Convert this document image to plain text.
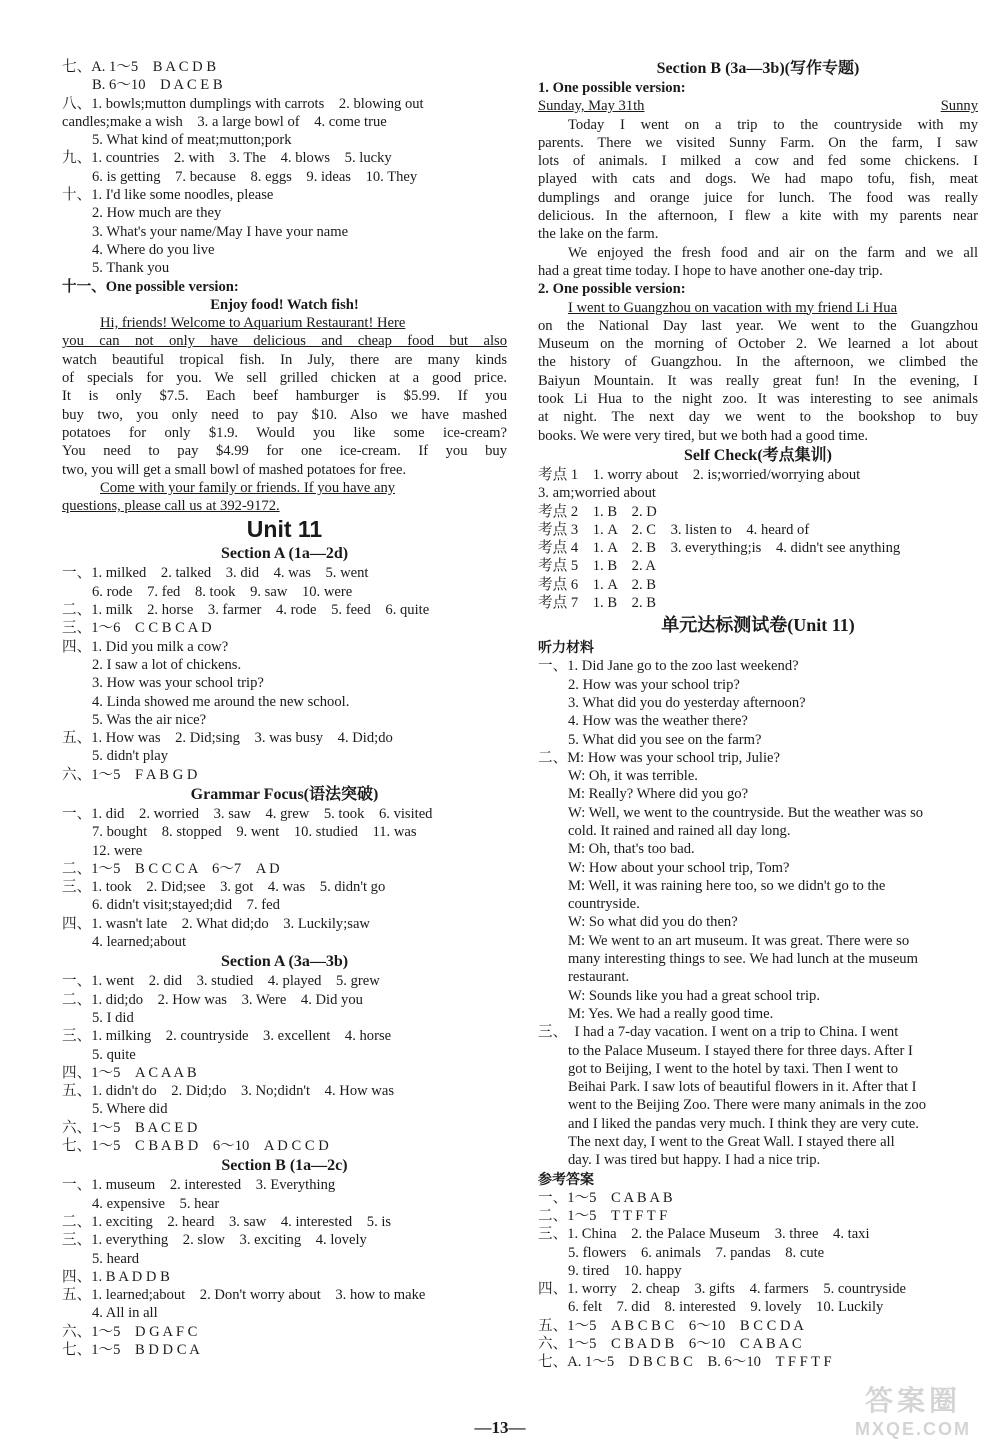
七、A. 1～5　B A C D B
B. 6～10　D A C E B
八、1. bowls;mutton dumplings with carrots　2. blowing out
candles;make a wish　3. a large bowl of　4. come true
5. What kind of meat;mutton;pork
九、1. countries　2. with　3. The　4. blows　5. lucky
6. is getting　7. because　8. eggs　9. ideas　10. They
十、1. I'd like some noodles, please
2. How much are they
3. What's your name/May I have your name
4. Where do you live
5. Thank you
十一、One possible version:
Enjoy food! Watch fish!
Hi, friends! Welcome to Aquarium Restaurant! Here
you can not only have delicious and cheap food but also
watch beautiful tropical fish. In July, there are many kinds
of specials for you. We sell grilled chicken at a good price.
It is only $7.5. Each beef hamburger is $5.99. If you
buy two, you only need to pay $10. Also we have mashed
potatoes for only $1.9. Would you like some ice-cream?
You need to pay $4.99 for one ice-cream. If you buy
two, you will get a small bowl of mashed potatoes for free.
Come with your family or friends. If you have any
questions, please call us at 392-9172.
Unit 11
Section A (1a—2d)
一、1. milked　2. talked　3. did　4. was　5. went
6. rode　7. fed　8. took　9. saw　10. were
二、1. milk　2. horse　3. farmer　4. rode　5. feed　6. quite
三、1～6　C C B C A D
四、1. Did you milk a cow?
2. I saw a lot of chickens.
3. How was your school trip?
4. Linda showed me around the new school.
5. Was the air nice?
五、1. How was　2. Did;sing　3. was busy　4. Did;do
5. didn't play
六、1～5　F A B G D
Grammar Focus(语法突破)
一、1. did　2. worried　3. saw　4. grew　5. took　6. visited
7. bought　8. stopped　9. went　10. studied　11. was
12. were
二、1～5　B C C C A　6～7　A D
三、1. took　2. Did;see　3. got　4. was　5. didn't go
6. didn't visit;stayed;did　7. fed
四、1. wasn't late　2. What did;do　3. Luckily;saw
4. learned;about
Section A (3a—3b)
一、1. went　2. did　3. studied　4. played　5. grew
二、1. did;do　2. How was　3. Were　4. Did you
5. I did
三、1. milking　2. countryside　3. excellent　4. horse
5. quite
四、1～5　A C A A B
五、1. didn't do　2. Did;do　3. No;didn't　4. How was
5. Where did
六、1～5　B A C E D
七、1～5　C B A B D　6～10　A D C C D
Section B (1a—2c)
一、1. museum　2. interested　3. Everything
4. expensive　5. hear
二、1. exciting　2. heard　3. saw　4. interested　5. is
三、1. everything　2. slow　3. exciting　4. lovely
5. heard
四、1. B A D D B
五、1. learned;about　2. Don't worry about　3. how to make
4. All in all
六、1～5　D G A F C
七、1～5　B D D C A
Section B (3a—3b)(写作专题)
1. One possible version:
Sunday, May 31th	Sunny
Today I went on a trip to the countryside with my
parents. There we visited Sunny Farm. On the farm, I saw
lots of animals. I milked a cow and fed some chickens. I
played with cats and dogs. We had mapo tofu, fish, meat
dumplings and orange juice for lunch. The food was really
delicious. In the afternoon, I flew a kite with my parents near
the lake on the farm.
We enjoyed the fresh food and air on the farm and we all
had a great time today. I hope to have another one-day trip.
2. One possible version:
I went to Guangzhou on vacation with my friend Li Hua
on the National Day last year. We went to the Guangzhou
Museum on the morning of October 2. We learned a lot about
the history of Guangzhou. In the afternoon, we climbed the
Baiyun Mountain. It was really great fun! In the evening, I
took Li Hua to the night zoo. It was interesting to see animals
at night. The next day we went to the bookshop to buy
books. We were very tired, but we both had a good time.
Self Check(考点集训)
考点 1　1. worry about　2. is;worried/worrying about
3. am;worried about
考点 2　1. B　2. D
考点 3　1. A　2. C　3. listen to　4. heard of
考点 4　1. A　2. B　3. everything;is　4. didn't see anything
考点 5　1. B　2. A
考点 6　1. A　2. B
考点 7　1. B　2. B
单元达标测试卷(Unit 11)
听力材料
一、1. Did Jane go to the zoo last weekend?
2. How was your school trip?
3. What did you do yesterday afternoon?
4. How was the weather there?
5. What did you see on the farm?
二、M: How was your school trip, Julie?
W: Oh, it was terrible.
M: Really? Where did you go?
W: Well, we went to the countryside. But the weather was so
cold. It rained and rained all day long.
M: Oh, that's too bad.
W: How about your school trip, Tom?
M: Well, it was raining here too, so we didn't go to the
countryside.
W: So what did you do then?
M: We went to an art museum. It was great. There were so
many interesting things to see. We had lunch at the museum
restaurant.
W: Sounds like you had a great school trip.
M: Yes. We had a really good time.
三、　I had a 7-day vacation. I went on a trip to China. I went
to the Palace Museum. I stayed there for three days. After I
got to Beijing, I went to the hotel by taxi. Then I went to
Beihai Park. I saw lots of beautiful flowers in it. After that I
went to the Beijing Zoo. There were many animals in the zoo
and I liked the pandas very much. I think they are very cute.
The next day, I went to the Great Wall. I stayed there all
day. I was tired but happy. I had a nice trip.
参考答案
一、1～5　C A B A B
二、1～5　T T F T F
三、1. China　2. the Palace Museum　3. three　4. taxi
5. flowers　6. animals　7. pandas　8. cute
9. tired　10. happy
四、1. worry　2. cheap　3. gifts　4. farmers　5. countryside
6. felt　7. did　8. interested　9. lovely　10. Luckily
五、1～5　A B C B C　6～10　B C C D A
六、1～5　C B A D B　6～10　C A B A C
七、A. 1～5　D B C B C　B. 6～10　T F F T F
—13—
答案圈
MXQE.COM
